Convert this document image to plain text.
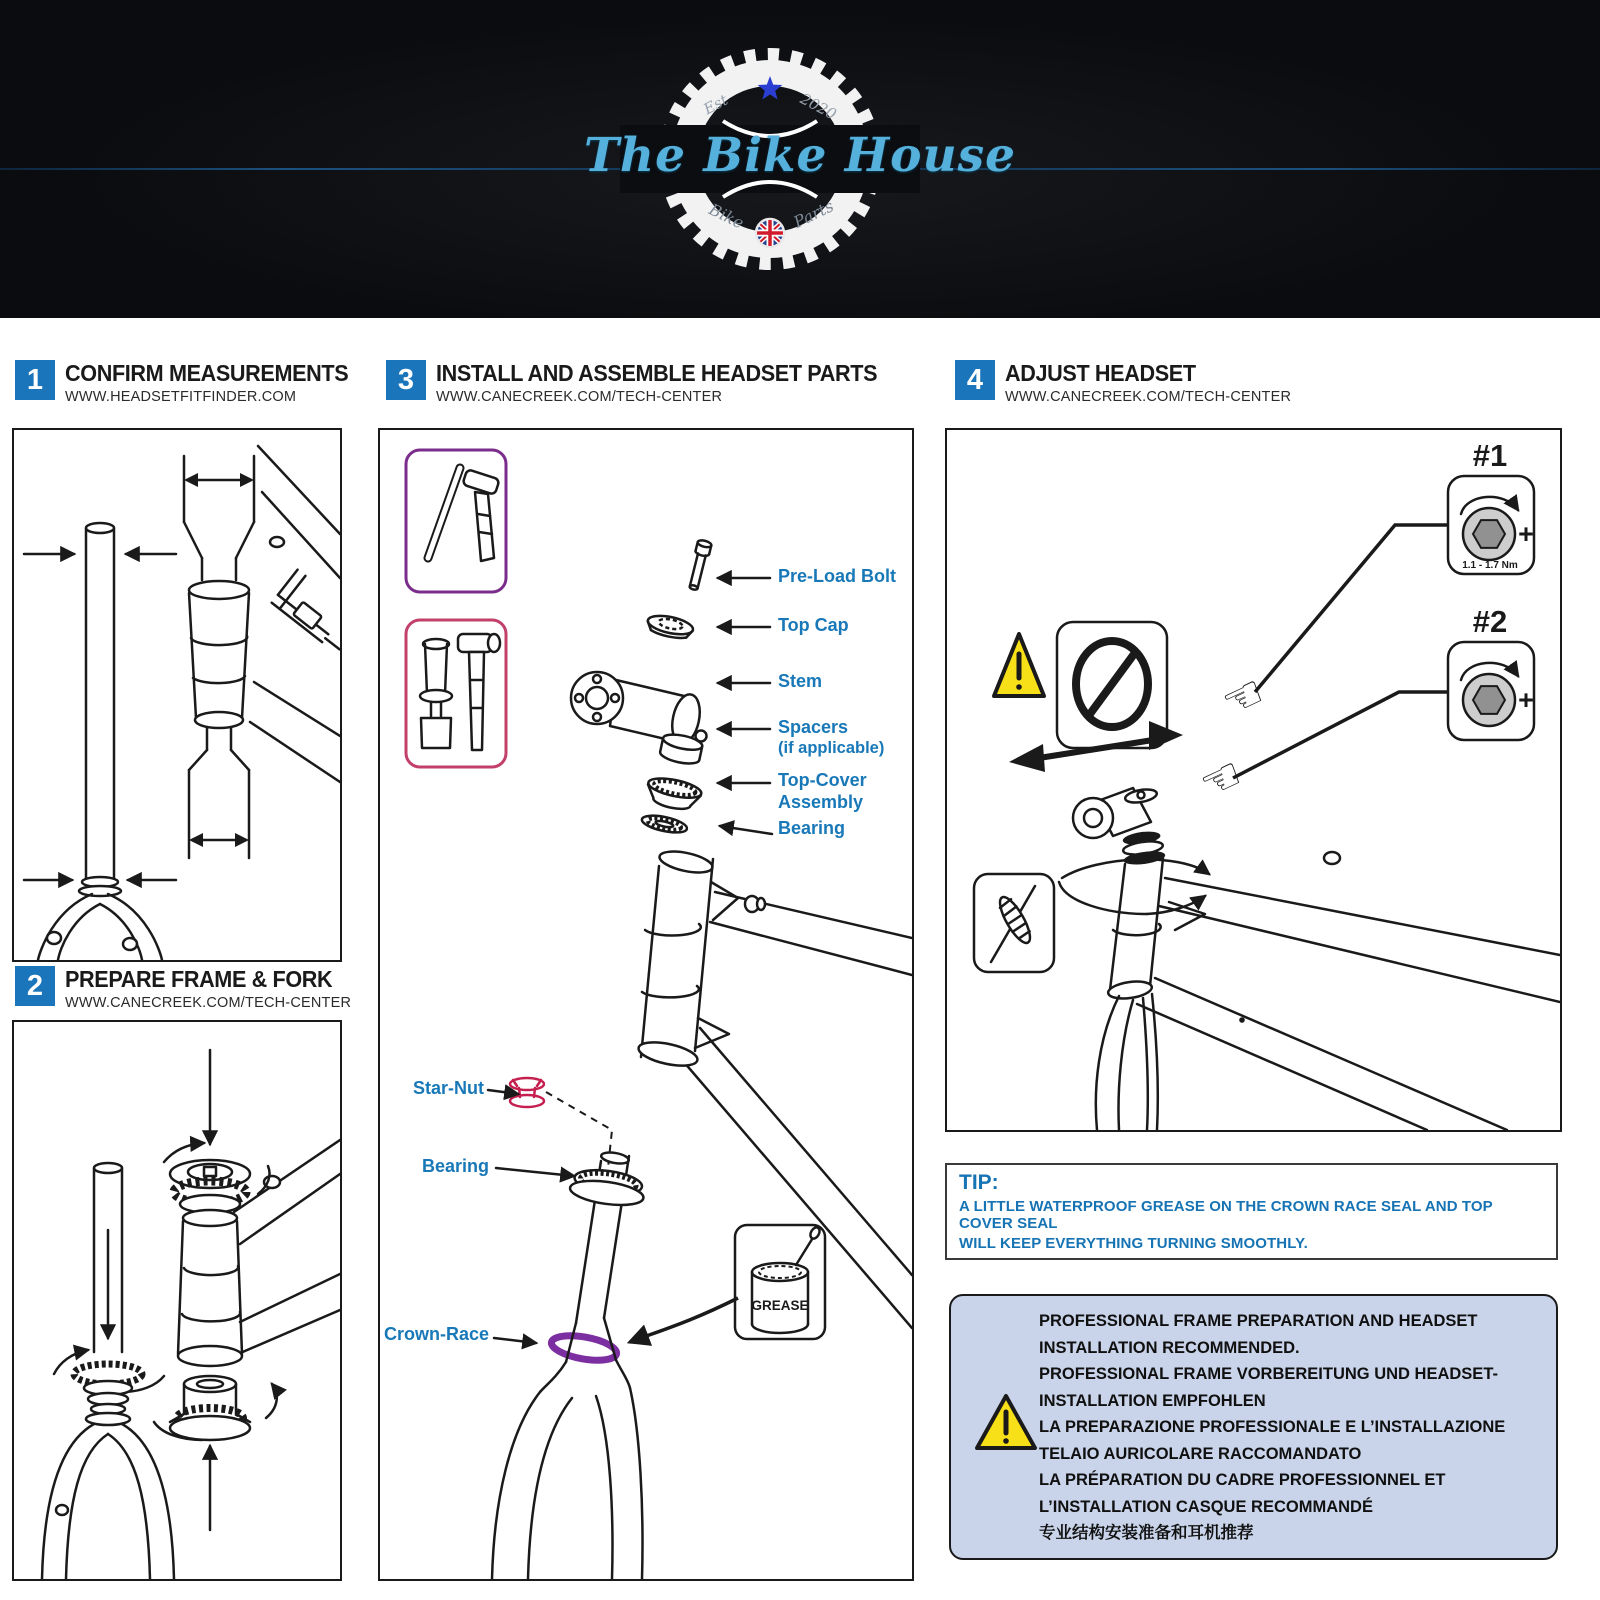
Est	2020
Bike	Parts
The Bike House
1 CONFIRM MEASUREMENTS
WWW.HEADSETFITFINDER.COM
3 INSTALL AND ASSEMBLE HEADSET PARTS
WWW.CANECREEK.COM/TECH-CENTER
4 ADJUST HEADSET
WWW.CANECREEK.COM/TECH-CENTER
2 PREPARE FRAME & FORK
WWW.CANECREEK.COM/TECH-CENTER
GREASE
Pre-Load Bolt
Top Cap
Stem
Spacers
(if applicable)
Top-Cover
Assembly
Bearing
Star-Nut
Bearing
Crown-Race
#1
+
1.1 - 1.7 Nm
#2
+
☜
☜
TIP:
A LITTLE WATERPROOF GREASE ON THE CROWN RACE SEAL AND TOP COVER SEAL
WILL KEEP EVERYTHING TURNING SMOOTHLY.
PROFESSIONAL FRAME PREPARATION AND HEADSET
INSTALLATION RECOMMENDED.
PROFESSIONAL FRAME VORBEREITUNG UND HEADSET-
INSTALLATION EMPFOHLEN
LA PREPARAZIONE PROFESSIONALE E L’INSTALLAZIONE
TELAIO AURICOLARE RACCOMANDATO
LA PRÉPARATION DU CADRE PROFESSIONNEL ET
L’INSTALLATION CASQUE RECOMMANDÉ
专业结构安装准备和耳机推荐
